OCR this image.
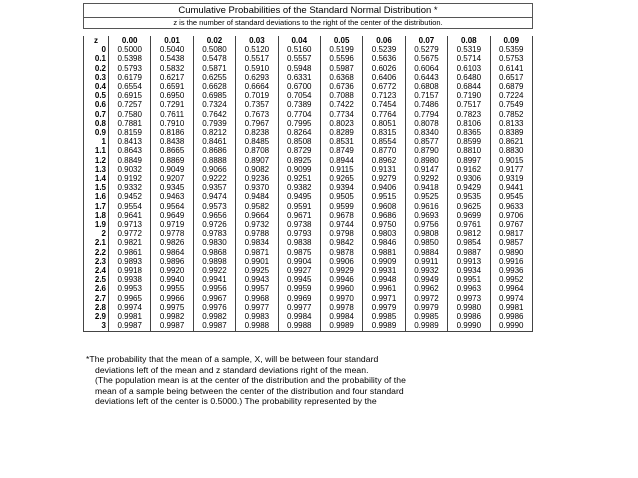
Cumulative Probabilities of the Standard Normal Distribution *
z is the number of standard deviations to the right of the center of the distribution.
z	0.00	0.01	0.02	0.03	0.04	0.05	0.06	0.07	0.08	0.09
0	0.5000	0.5040	0.5080	0.5120	0.5160	0.5199	0.5239	0.5279	0.5319	0.5359
0.1	0.5398	0.5438	0.5478	0.5517	0.5557	0.5596	0.5636	0.5675	0.5714	0.5753
0.2	0.5793	0.5832	0.5871	0.5910	0.5948	0.5987	0.6026	0.6064	0.6103	0.6141
0.3	0.6179	0.6217	0.6255	0.6293	0.6331	0.6368	0.6406	0.6443	0.6480	0.6517
0.4	0.6554	0.6591	0.6628	0.6664	0.6700	0.6736	0.6772	0.6808	0.6844	0.6879
0.5	0.6915	0.6950	0.6985	0.7019	0.7054	0.7088	0.7123	0.7157	0.7190	0.7224
0.6	0.7257	0.7291	0.7324	0.7357	0.7389	0.7422	0.7454	0.7486	0.7517	0.7549
0.7	0.7580	0.7611	0.7642	0.7673	0.7704	0.7734	0.7764	0.7794	0.7823	0.7852
0.8	0.7881	0.7910	0.7939	0.7967	0.7995	0.8023	0.8051	0.8078	0.8106	0.8133
0.9	0.8159	0.8186	0.8212	0.8238	0.8264	0.8289	0.8315	0.8340	0.8365	0.8389
1	0.8413	0.8438	0.8461	0.8485	0.8508	0.8531	0.8554	0.8577	0.8599	0.8621
1.1	0.8643	0.8665	0.8686	0.8708	0.8729	0.8749	0.8770	0.8790	0.8810	0.8830
1.2	0.8849	0.8869	0.8888	0.8907	0.8925	0.8944	0.8962	0.8980	0.8997	0.9015
1.3	0.9032	0.9049	0.9066	0.9082	0.9099	0.9115	0.9131	0.9147	0.9162	0.9177
1.4	0.9192	0.9207	0.9222	0.9236	0.9251	0.9265	0.9279	0.9292	0.9306	0.9319
1.5	0.9332	0.9345	0.9357	0.9370	0.9382	0.9394	0.9406	0.9418	0.9429	0.9441
1.6	0.9452	0.9463	0.9474	0.9484	0.9495	0.9505	0.9515	0.9525	0.9535	0.9545
1.7	0.9554	0.9564	0.9573	0.9582	0.9591	0.9599	0.9608	0.9616	0.9625	0.9633
1.8	0.9641	0.9649	0.9656	0.9664	0.9671	0.9678	0.9686	0.9693	0.9699	0.9706
1.9	0.9713	0.9719	0.9726	0.9732	0.9738	0.9744	0.9750	0.9756	0.9761	0.9767
2	0.9772	0.9778	0.9783	0.9788	0.9793	0.9798	0.9803	0.9808	0.9812	0.9817
2.1	0.9821	0.9826	0.9830	0.9834	0.9838	0.9842	0.9846	0.9850	0.9854	0.9857
2.2	0.9861	0.9864	0.9868	0.9871	0.9875	0.9878	0.9881	0.9884	0.9887	0.9890
2.3	0.9893	0.9896	0.9898	0.9901	0.9904	0.9906	0.9909	0.9911	0.9913	0.9916
2.4	0.9918	0.9920	0.9922	0.9925	0.9927	0.9929	0.9931	0.9932	0.9934	0.9936
2.5	0.9938	0.9940	0.9941	0.9943	0.9945	0.9946	0.9948	0.9949	0.9951	0.9952
2.6	0.9953	0.9955	0.9956	0.9957	0.9959	0.9960	0.9961	0.9962	0.9963	0.9964
2.7	0.9965	0.9966	0.9967	0.9968	0.9969	0.9970	0.9971	0.9972	0.9973	0.9974
2.8	0.9974	0.9975	0.9976	0.9977	0.9977	0.9978	0.9979	0.9979	0.9980	0.9981
2.9	0.9981	0.9982	0.9982	0.9983	0.9984	0.9984	0.9985	0.9985	0.9986	0.9986
3	0.9987	0.9987	0.9987	0.9988	0.9988	0.9989	0.9989	0.9989	0.9990	0.9990
*The probability that the mean of a sample, X, will be between four standard
deviations left of the mean and z standard deviations right of the mean.
(The population mean is at the center of the distribution and the probability of the
mean of a sample being between the center of the distribution and four standard
deviations left of the center is 0.5000.) The probability represented by the
